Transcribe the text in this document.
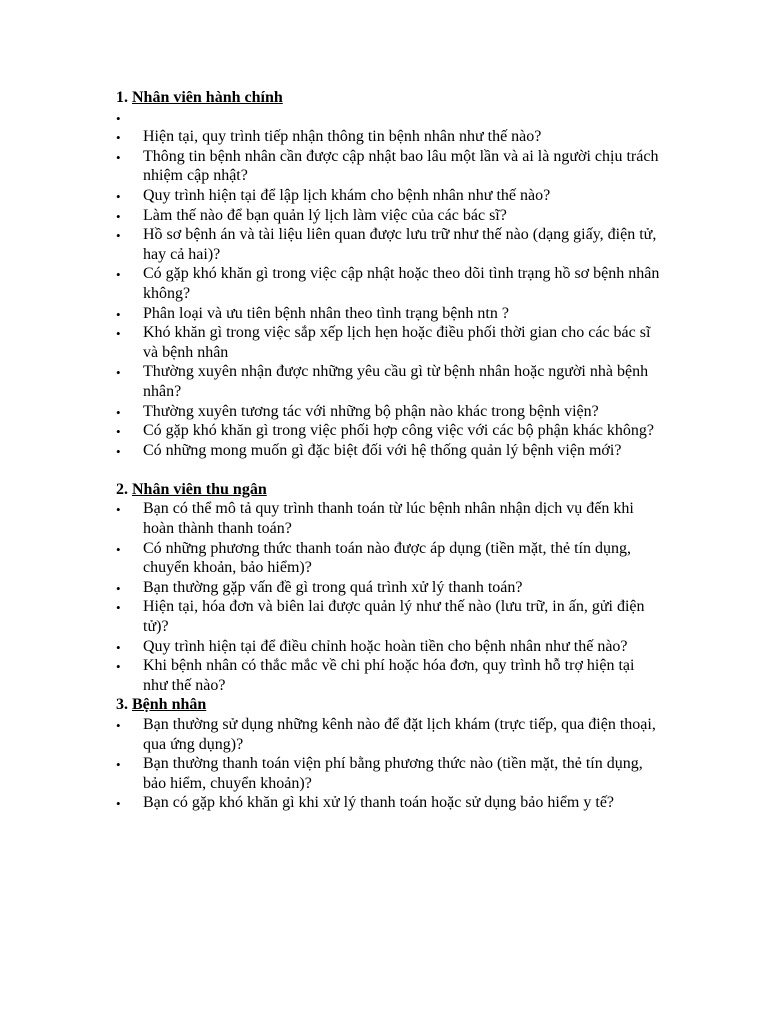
1. Nhân viên hành chính

•
•
Hiện tại, quy trình tiếp nhận thông tin bệnh nhân như thế nào?
•
Thông tin bệnh nhân cần được cập nhật bao lâu một lần và ai là người chịu trách nhiệm cập nhật?
•
Quy trình hiện tại để lập lịch khám cho bệnh nhân như thế nào?
•
Làm thế nào để bạn quản lý lịch làm việc của các bác sĩ?
•
Hồ sơ bệnh án và tài liệu liên quan được lưu trữ như thế nào (dạng giấy, điện tử, hay cả hai)?
•
Có gặp khó khăn gì trong việc cập nhật hoặc theo dõi tình trạng hồ sơ bệnh nhân không?
•
Phân loại và ưu tiên bệnh nhân theo tình trạng bệnh ntn ?
•
Khó khăn gì trong việc sắp xếp lịch hẹn hoặc điều phối thời gian cho các bác sĩ và bệnh nhân
•
Thường xuyên nhận được những yêu cầu gì từ bệnh nhân hoặc người nhà bệnh nhân?
•
Thường xuyên tương tác với những bộ phận nào khác trong bệnh viện?
•
Có gặp khó khăn gì trong việc phối hợp công việc với các bộ phận khác không?
•
Có những mong muốn gì đặc biệt đối với hệ thống quản lý bệnh viện mới?

2. Nhân viên thu ngân

•
Bạn có thể mô tả quy trình thanh toán từ lúc bệnh nhân nhận dịch vụ đến khi hoàn thành thanh toán?
•
Có những phương thức thanh toán nào được áp dụng (tiền mặt, thẻ tín dụng, chuyển khoản, bảo hiểm)?
•
Bạn thường gặp vấn đề gì trong quá trình xử lý thanh toán?
•
Hiện tại, hóa đơn và biên lai được quản lý như thế nào (lưu trữ, in ấn, gửi điện tử)?
•
Quy trình hiện tại để điều chỉnh hoặc hoàn tiền cho bệnh nhân như thế nào?
•
Khi bệnh nhân có thắc mắc về chi phí hoặc hóa đơn, quy trình hỗ trợ hiện tại như thế nào?

3. Bệnh nhân

•
Bạn thường sử dụng những kênh nào để đặt lịch khám (trực tiếp, qua điện thoại, qua ứng dụng)?
•
Bạn thường thanh toán viện phí bằng phương thức nào (tiền mặt, thẻ tín dụng, bảo hiểm, chuyển khoản)?
•
Bạn có gặp khó khăn gì khi xử lý thanh toán hoặc sử dụng bảo hiểm y tế?
